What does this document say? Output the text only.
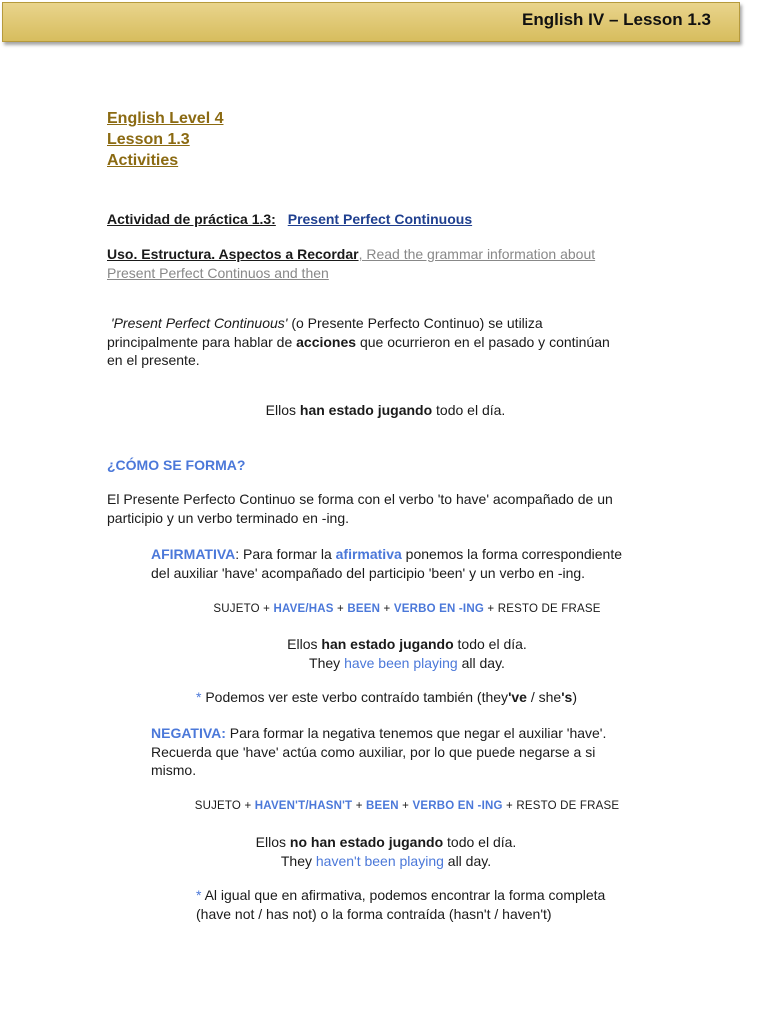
English IV – Lesson 1.3
English Level 4
Lesson 1.3
Activities
Actividad de práctica 1.3: Present Perfect Continuous
Uso. Estructura. Aspectos a Recordar, Read the grammar information about
Present Perfect Continuos and then
'Present Perfect Continuous' (o Presente Perfecto Continuo) se utiliza
principalmente para hablar de acciones que ocurrieron en el pasado y continúan
en el presente.
Ellos han estado jugando todo el día.
¿CÓMO SE FORMA?
El Presente Perfecto Continuo se forma con el verbo 'to have' acompañado de un
participio y un verbo terminado en -ing.
AFIRMATIVA: Para formar la afirmativa ponemos la forma correspondiente
del auxiliar 'have' acompañado del participio 'been' y un verbo en -ing.
SUJETO + HAVE/HAS + BEEN + VERBO EN -ING + RESTO DE FRASE
Ellos han estado jugando todo el día.
They have been playing all day.
* Podemos ver este verbo contraído también (they've / she's)
NEGATIVA: Para formar la negativa tenemos que negar el auxiliar 'have'.
Recuerda que 'have' actúa como auxiliar, por lo que puede negarse a si
mismo.
SUJETO + HAVEN'T/HASN'T + BEEN + VERBO EN -ING + RESTO DE FRASE
Ellos no han estado jugando todo el día.
They haven't been playing all day.
* Al igual que en afirmativa, podemos encontrar la forma completa
(have not / has not) o la forma contraída (hasn't / haven't)
